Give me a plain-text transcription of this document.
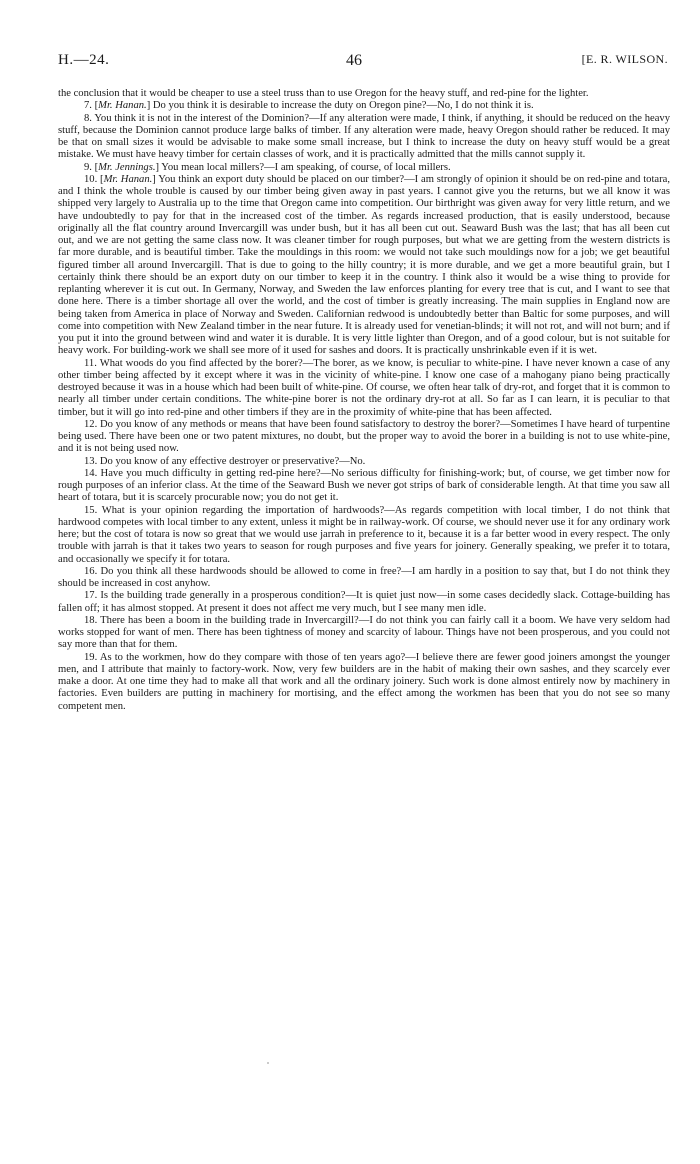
H.—24.	46	[E. R. WILSON.

the conclusion that it would be cheaper to use a steel truss than to use Oregon for the heavy stuff, and red-pine for the lighter.

7. [Mr. Hanan.] Do you think it is desirable to increase the duty on Oregon pine?—No, I do not think it is.

8. You think it is not in the interest of the Dominion?—If any alteration were made, I think, if anything, it should be reduced on the heavy stuff, because the Dominion cannot produce large balks of timber. If any alteration were made, heavy Oregon should rather be reduced. It may be that on small sizes it would be advisable to make some small increase, but I think to increase the duty on heavy stuff would be a great mistake. We must have heavy timber for certain classes of work, and it is practically admitted that the mills cannot supply it.

9. [Mr. Jennings.] You mean local millers?—I am speaking, of course, of local millers.

10. [Mr. Hanan.] You think an export duty should be placed on our timber?—I am strongly of opinion it should be on red-pine and totara, and I think the whole trouble is caused by our timber being given away in past years. I cannot give you the returns, but we all know it was shipped very largely to Australia up to the time that Oregon came into competition. Our birthright was given away for very little return, and we have undoubtedly to pay for that in the increased cost of the timber. As regards increased production, that is easily understood, because originally all the flat country around Invercargill was under bush, but it has all been cut out. Seaward Bush was the last; that has all been cut out, and we are not getting the same class now. It was cleaner timber for rough purposes, but what we are getting from the western districts is far more durable, and is beautiful timber. Take the mouldings in this room: we would not take such mouldings now for a job; we get beautiful figured timber all around Invercargill. That is due to going to the hilly country; it is more durable, and we get a more beautiful grain, but I certainly think there should be an export duty on our timber to keep it in the country. I think also it would be a wise thing to provide for replanting wherever it is cut out. In Germany, Norway, and Sweden the law enforces planting for every tree that is cut, and I want to see that done here. There is a timber shortage all over the world, and the cost of timber is greatly increasing. The main supplies in England now are being taken from America in place of Norway and Sweden. Californian redwood is undoubtedly better than Baltic for some purposes, and will come into competition with New Zealand timber in the near future. It is already used for venetian-blinds; it will not rot, and will not burn; and if you put it into the ground between wind and water it is durable. It is very little lighter than Oregon, and of a good colour, but is not suitable for heavy work. For building-work we shall see more of it used for sashes and doors. It is practically unshrinkable even if it is wet.

11. What woods do you find affected by the borer?—The borer, as we know, is peculiar to white-pine. I have never known a case of any other timber being affected by it except where it was in the vicinity of white-pine. I know one case of a mahogany piano being practically destroyed because it was in a house which had been built of white-pine. Of course, we often hear talk of dry-rot, and forget that it is common to nearly all timber under certain conditions. The white-pine borer is not the ordinary dry-rot at all. So far as I can learn, it is peculiar to that timber, but it will go into red-pine and other timbers if they are in the proximity of white-pine that has been affected.

12. Do you know of any methods or means that have been found satisfactory to destroy the borer?—Sometimes I have heard of turpentine being used. There have been one or two patent mixtures, no doubt, but the proper way to avoid the borer in a building is not to use white-pine, and it is not being used now.

13. Do you know of any effective destroyer or preservative?—No.

14. Have you much difficulty in getting red-pine here?—No serious difficulty for finishing-work; but, of course, we get timber now for rough purposes of an inferior class. At the time of the Seaward Bush we never got strips of bark of considerable length. At that time you saw all heart of totara, but it is scarcely procurable now; you do not get it.

15. What is your opinion regarding the importation of hardwoods?—As regards competition with local timber, I do not think that hardwood competes with local timber to any extent, unless it might be in railway-work. Of course, we should never use it for any ordinary work here; but the cost of totara is now so great that we would use jarrah in preference to it, because it is a far better wood in every respect. The only trouble with jarrah is that it takes two years to season for rough purposes and five years for joinery. Generally speaking, we prefer it to totara, and occasionally we specify it for totara.

16. Do you think all these hardwoods should be allowed to come in free?—I am hardly in a position to say that, but I do not think they should be increased in cost anyhow.

17. Is the building trade generally in a prosperous condition?—It is quiet just now—in some cases decidedly slack. Cottage-building has fallen off; it has almost stopped. At present it does not affect me very much, but I see many men idle.

18. There has been a boom in the building trade in Invercargill?—I do not think you can fairly call it a boom. We have very seldom had works stopped for want of men. There has been tightness of money and scarcity of labour. Things have not been prosperous, and you could not say more than that for them.

19. As to the workmen, how do they compare with those of ten years ago?—I believe there are fewer good joiners amongst the younger men, and I attribute that mainly to factory-work. Now, very few builders are in the habit of making their own sashes, and they scarcely ever make a door. At one time they had to make all that work and all the ordinary joinery. Such work is done almost entirely now by machinery in factories. Even builders are putting in machinery for mortising, and the effect among the workmen has been that you do not see so many competent men.
